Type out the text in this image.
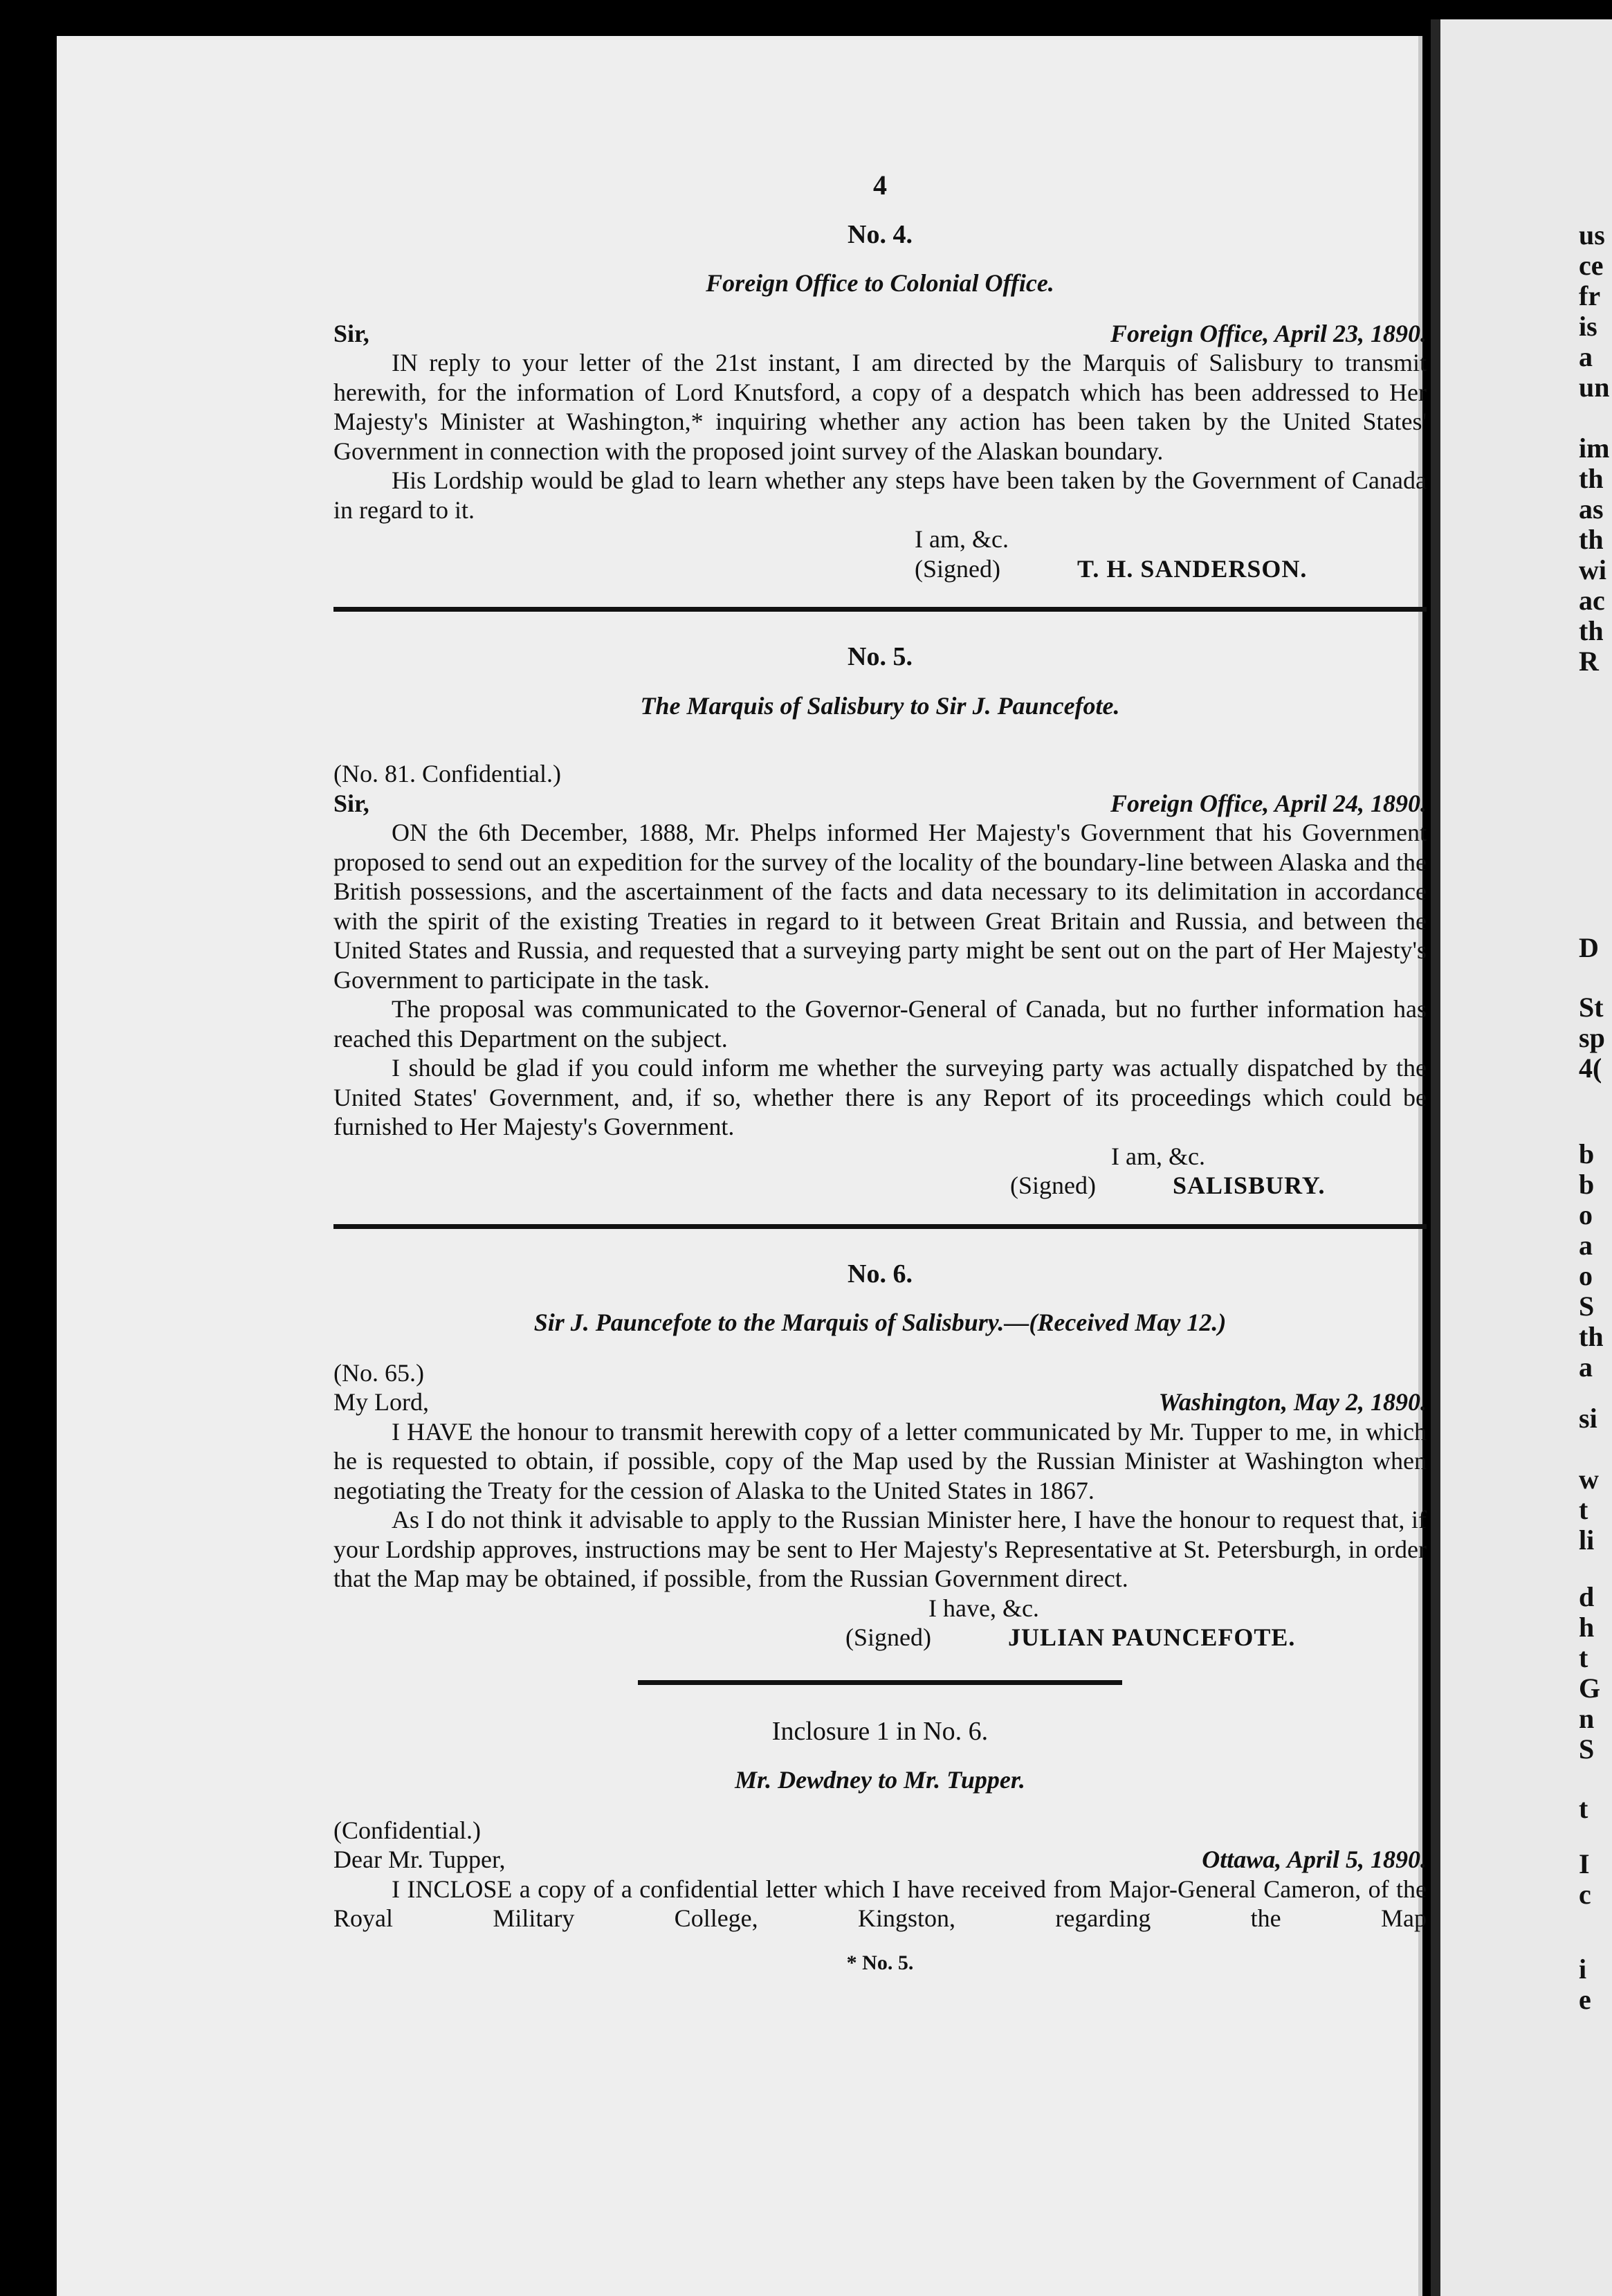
4

No. 4.

Foreign Office to Colonial Office.

Sir,	Foreign Office, April 23, 1890.

IN reply to your letter of the 21st instant, I am directed by the Marquis of Salisbury to transmit herewith, for the information of Lord Knutsford, a copy of a despatch which has been addressed to Her Majesty's Minister at Washington,* inquiring whether any action has been taken by the United States' Government in connection with the proposed joint survey of the Alaskan boundary.

His Lordship would be glad to learn whether any steps have been taken by the Government of Canada in regard to it.

I am, &c.

(Signed)	T. H. SANDERSON.

No. 5.

The Marquis of Salisbury to Sir J. Pauncefote.

(No. 81. Confidential.)

Sir,	Foreign Office, April 24, 1890.

ON the 6th December, 1888, Mr. Phelps informed Her Majesty's Government that his Government proposed to send out an expedition for the survey of the locality of the boundary-line between Alaska and the British possessions, and the ascertainment of the facts and data necessary to its delimitation in accordance with the spirit of the existing Treaties in regard to it between Great Britain and Russia, and between the United States and Russia, and requested that a surveying party might be sent out on the part of Her Majesty's Government to participate in the task.

The proposal was communicated to the Governor-General of Canada, but no further information has reached this Department on the subject.

I should be glad if you could inform me whether the surveying party was actually dispatched by the United States' Government, and, if so, whether there is any Report of its proceedings which could be furnished to Her Majesty's Government.

I am, &c.

(Signed)	SALISBURY.

No. 6.

Sir J. Pauncefote to the Marquis of Salisbury.—(Received May 12.)

(No. 65.)

My Lord,	Washington, May 2, 1890.

I HAVE the honour to transmit herewith copy of a letter communicated by Mr. Tupper to me, in which he is requested to obtain, if possible, copy of the Map used by the Russian Minister at Washington when negotiating the Treaty for the cession of Alaska to the United States in 1867.

As I do not think it advisable to apply to the Russian Minister here, I have the honour to request that, if your Lordship approves, instructions may be sent to Her Majesty's Representative at St. Petersburgh, in order that the Map may be obtained, if possible, from the Russian Government direct.

I have, &c.

(Signed)	JULIAN PAUNCEFOTE.

Inclosure 1 in No. 6.

Mr. Dewdney to Mr. Tupper.

(Confidential.)

Dear Mr. Tupper,	Ottawa, April 5, 1890.

I INCLOSE a copy of a confidential letter which I have received from Major-General Cameron, of the Royal Military College, Kingston, regarding the Map

* No. 5.

us
ce
fr
is
a
un
im
th
as
th
wi
ac
th
R
D
St
sp
4(
b
b
o
a
o
S
th
a
si
w
t
li
d
h
t
G
n
S
t
I
c
i
e
